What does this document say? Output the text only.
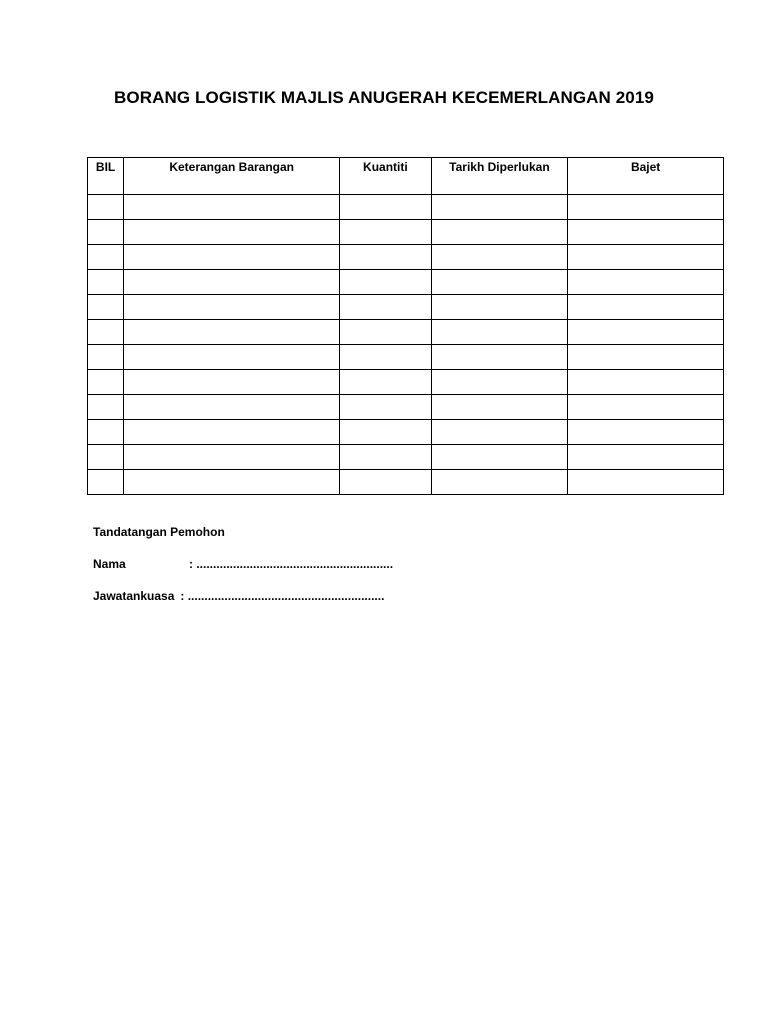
BORANG LOGISTIK MAJLIS ANUGERAH KECEMERLANGAN 2019
BIL	Keterangan Barangan	Kuantiti	Tarikh Diperlukan	Bajet

Tandatangan Pemohon
Nama	: ...........................................................
Jawatankuasa : ...........................................................
